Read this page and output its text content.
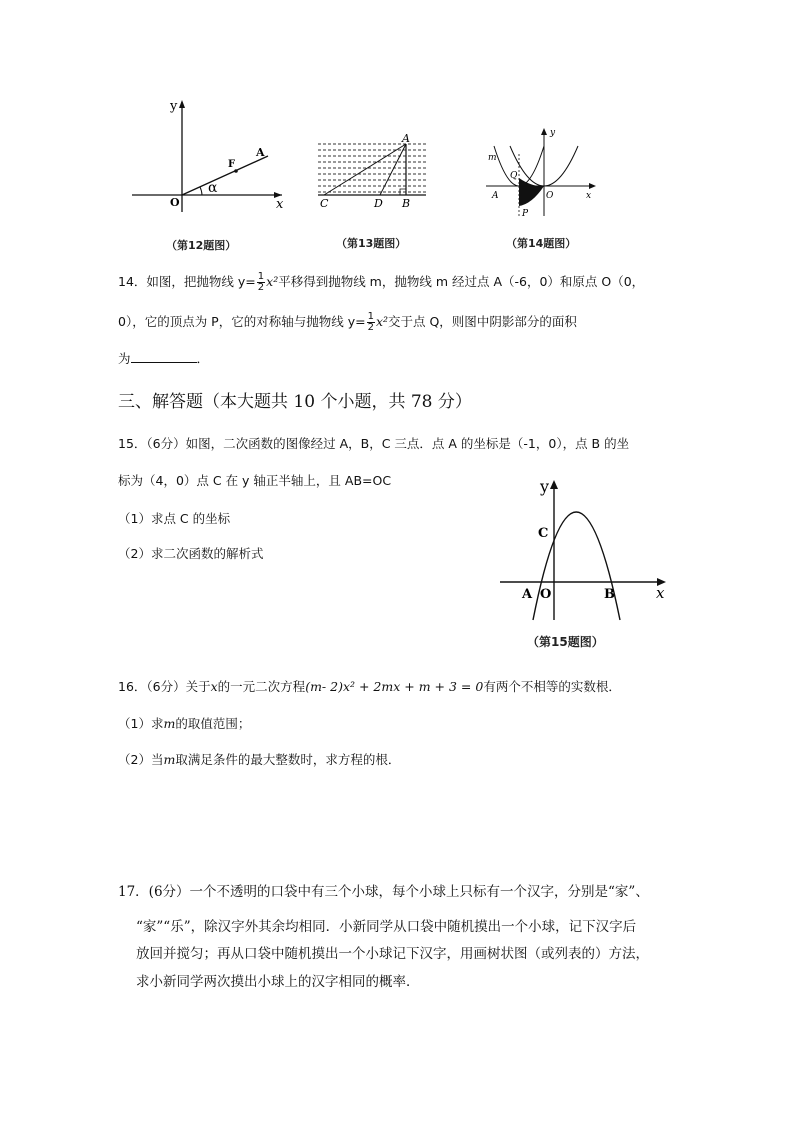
y
x
O
F
A
α
（第12题图）
A
C	D B
（第13题图）
m
y
Q
A	O	x
P
（第14题图）
14．如图，把抛物线 $y= \frac{1}{2} x^2$平移得到抛物线 m，抛物线 m 经过点 A（-6，0）和原点 O（0，
0），它的顶点为 P，它的对称轴与抛物线 $y= \frac{1}{2} x^2$交于点 Q，则图中阴影部分的面积
为	．
三、解答题（本大题共 10 个小题，共 78 分）
15．（6分）如图，二次函数的图像经过 A，B，C 三点．点 A 的坐标是（-1，0），点 B 的坐
标为（4，0）点 C 在 y 轴正半轴上，且 AB=OC
（1）求点 C 的坐标
（2）求二次函数的解析式
y
C
A O	B	x
（第15题图）
16．（6分）关于x的一元二次方程(m- 2)x² + 2mx + m + 3 = 0有两个不相等的实数根．
（1）求m的取值范围；
（2）当m取满足条件的最大整数时，求方程的根．
17．(6分）一个不透明的口袋中有三个小球，每个小球上只标有一个汉字，分别是“家”、
“家”“乐”，除汉字外其余均相同．小新同学从口袋中随机摸出一个小球，记下汉字后
放回并搅匀；再从口袋中随机摸出一个小球记下汉字，用画树状图（或列表的）方法，
求小新同学两次摸出小球上的汉字相同的概率．
